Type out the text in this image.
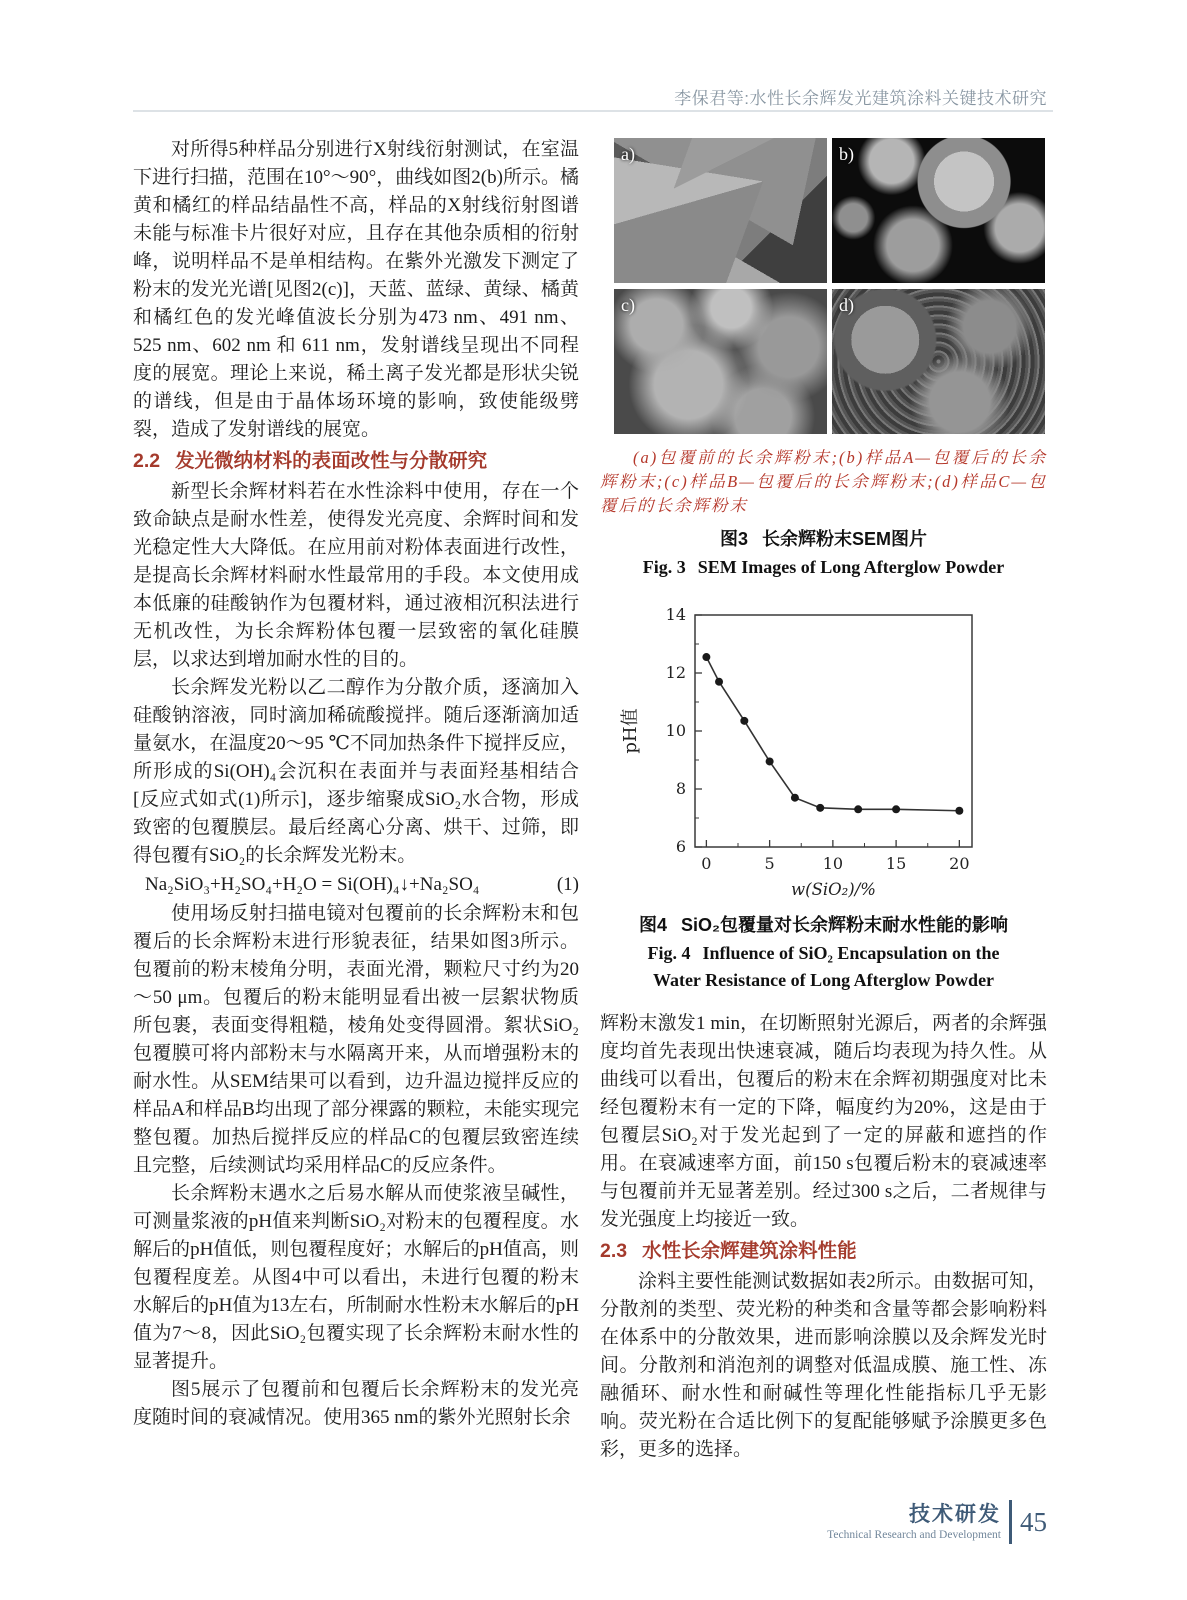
李保君等:水性长余辉发光建筑涂料关键技术研究

对所得5种样品分别进行X射线衍射测试，在室温下进行扫描，范围在10°～90°，曲线如图2(b)所示。橘黄和橘红的样品结晶性不高，样品的X射线衍射图谱未能与标准卡片很好对应，且存在其他杂质相的衍射峰，说明样品不是单相结构。在紫外光激发下测定了粉末的发光光谱[见图2(c)]，天蓝、蓝绿、黄绿、橘黄和橘红色的发光峰值波长分别为473 nm、491 nm、525 nm、602 nm 和 611 nm，发射谱线呈现出不同程度的展宽。理论上来说，稀土离子发光都是形状尖锐的谱线，但是由于晶体场环境的影响，致使能级劈裂，造成了发射谱线的展宽。

2.2 发光微纳材料的表面改性与分散研究

新型长余辉材料若在水性涂料中使用，存在一个致命缺点是耐水性差，使得发光亮度、余辉时间和发光稳定性大大降低。在应用前对粉体表面进行改性，是提高长余辉材料耐水性最常用的手段。本文使用成本低廉的硅酸钠作为包覆材料，通过液相沉积法进行无机改性，为长余辉粉体包覆一层致密的氧化硅膜层，以求达到增加耐水性的目的。

长余辉发光粉以乙二醇作为分散介质，逐滴加入硅酸钠溶液，同时滴加稀硫酸搅拌。随后逐渐滴加适量氨水，在温度20～95 ℃不同加热条件下搅拌反应，所形成的Si(OH)₄会沉积在表面并与表面羟基相结合[反应式如式(1)所示]，逐步缩聚成SiO₂水合物，形成致密的包覆膜层。最后经离心分离、烘干、过筛，即得包覆有SiO₂的长余辉发光粉末。

Na₂SiO₃+H₂SO₄+H₂O = Si(OH)₄↓+Na₂SO₄	(1)

使用场反射扫描电镜对包覆前的长余辉粉末和包覆后的长余辉粉末进行形貌表征，结果如图3所示。包覆前的粉末棱角分明，表面光滑，颗粒尺寸约为20～50 μm。包覆后的粉末能明显看出被一层絮状物质所包裹，表面变得粗糙，棱角处变得圆滑。絮状SiO₂包覆膜可将内部粉末与水隔离开来，从而增强粉末的耐水性。从SEM结果可以看到，边升温边搅拌反应的样品A和样品B均出现了部分裸露的颗粒，未能实现完整包覆。加热后搅拌反应的样品C的包覆层致密连续且完整，后续测试均采用样品C的反应条件。

长余辉粉末遇水之后易水解从而使浆液呈碱性，可测量浆液的pH值来判断SiO₂对粉末的包覆程度。水解后的pH值低，则包覆程度好；水解后的pH值高，则包覆程度差。从图4中可以看出，未进行包覆的粉末水解后的pH值为13左右，所制耐水性粉末水解后的pH值为7～8，因此SiO₂包覆实现了长余辉粉末耐水性的显著提升。

图5展示了包覆前和包覆后长余辉粉末的发光亮度随时间的衰减情况。使用365 nm的紫外光照射长余

a)	b)
c)	d)
(a)包覆前的长余辉粉末;(b)样品A—包覆后的长余辉粉末;(c)样品B—包覆后的长余辉粉末;(d)样品C—包覆后的长余辉粉末
图3 长余辉粉末SEM图片
Fig. 3 SEM Images of Long Afterglow Powder
0	5	10	15	20
6
8
10
12
14
pH值
w(SiO₂)/%
图4 SiO₂包覆量对长余辉粉末耐水性能的影响
Fig. 4 Influence of SiO₂ Encapsulation on the Water Resistance of Long Afterglow Powder

辉粉末激发1 min，在切断照射光源后，两者的余辉强度均首先表现出快速衰减，随后均表现为持久性。从曲线可以看出，包覆后的粉末在余辉初期强度对比未经包覆粉末有一定的下降，幅度约为20%，这是由于包覆层SiO₂对于发光起到了一定的屏蔽和遮挡的作用。在衰减速率方面，前150 s包覆后粉末的衰减速率与包覆前并无显著差别。经过300 s之后，二者规律与发光强度上均接近一致。

2.3 水性长余辉建筑涂料性能

涂料主要性能测试数据如表2所示。由数据可知，分散剂的类型、荧光粉的种类和含量等都会影响粉料在体系中的分散效果，进而影响涂膜以及余辉发光时间。分散剂和消泡剂的调整对低温成膜、施工性、冻融循环、耐水性和耐碱性等理化性能指标几乎无影响。荧光粉在合适比例下的复配能够赋予涂膜更多色彩，更多的选择。

技术研发
Technical Research and Development 45
